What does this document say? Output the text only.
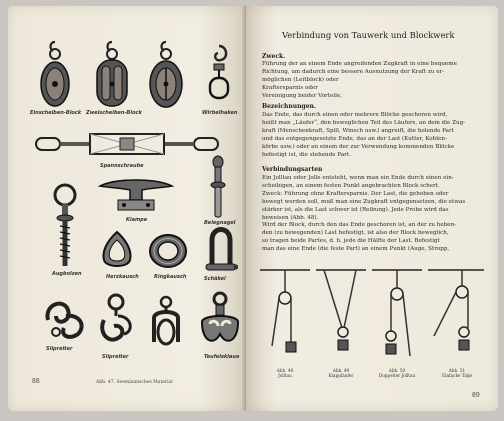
Einscheiben-Block Zweischeiben-Block	Wirbelhaken
Spannschraube
Klampe	Belegnagel
Augbolzen	Herzkausch	Ringkausch	Schäkel
Slipreiter
Slipreiter	Teufelsklaue
Abb. 47. Seemännisches Material
88
Verbindung von Tauwerk und Blockwerk
Zweck.

Führung der an einem Ende angreifenden Zugkraft in eine bequeme

Richtung, um dadurch eine bessere Ausnutzung der Kraft zu er-

möglichen (Leitblock) oder

Kraftersparnis oder

Vereinigung beider Vorteile.

Bezeichnungen.

Das Ende, das durch einen oder mehrere Blöcke geschoren wird,

heißt man „Läufer“, den beweglichen Teil des Läufers, an dem die Zug-

kraft (Menschenkraft, Spill, Winsch usw.) angreift, die holende Part

und das entgegengesetzte Ende, das an der Last (Kutter, Kohlen-

körbe usw.) oder an einem der zur Verwendung kommenden Blöcke

befestigt ist, die stehende Part.

Verbindungsarten

Ein Jolltau oder Jolle entsteht, wenn man ein Ende durch einen ein-

scheibigen, an einem festen Punkt angebrachten Block schert.

Zweck: Führung ohne Kraftersparnis. Der Last, die gehoben oder

bewegt werden soll, muß man eine Zugkraft entgegensetzen, die etwas

stärker ist, als die Last schwer ist (Reibung). Jede Probe wird das

beweisen (Abb. 48).

Wird der Block, durch den das Ende geschoren ist, an der zu heben-

den (zu bewegenden) Last befestigt, ist also der Block beweglich,

so tragen beide Partes, d. h. jede die Hälfte der Last. Befestigt

man das eine Ende (die feste Part) an einem Punkt (Auge, Stropp,

Abb. 48
Jolltau
Abb. 49
Klappläufer
Abb. 50
Doppelter Jolltau
Abb. 51
Einfache Talje
89
